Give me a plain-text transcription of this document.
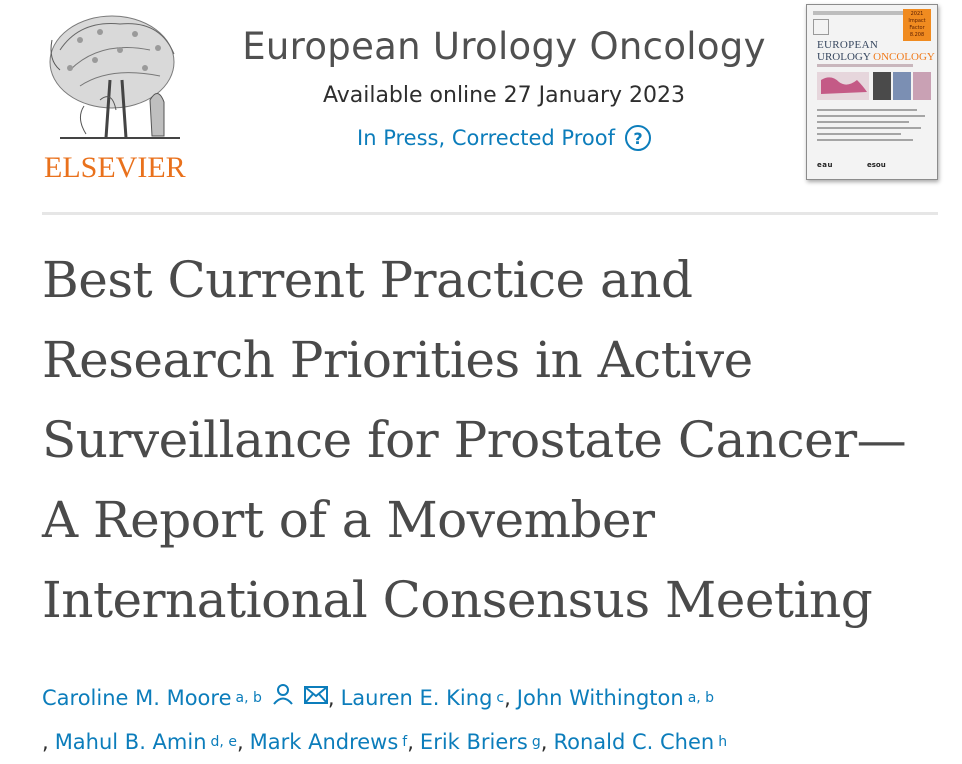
ELSEVIER
European Urology Oncology
Available online 27 January 2023
In Press, Corrected Proof	?
2021 Impact Factor 8.208
EUROPEAN
UROLOGY ONCOLOGY
eau	esou
Best Current Practice and
Research Priorities in Active
Surveillance for Prostate Cancer—
A Report of a Movember
International Consensus Meeting
Caroline M. Moore a, b	, Lauren E. King c , John Withington a, b
, Mahul B. Amin d, e , Mark Andrews f , Erik Briers g , Ronald C. Chen h
